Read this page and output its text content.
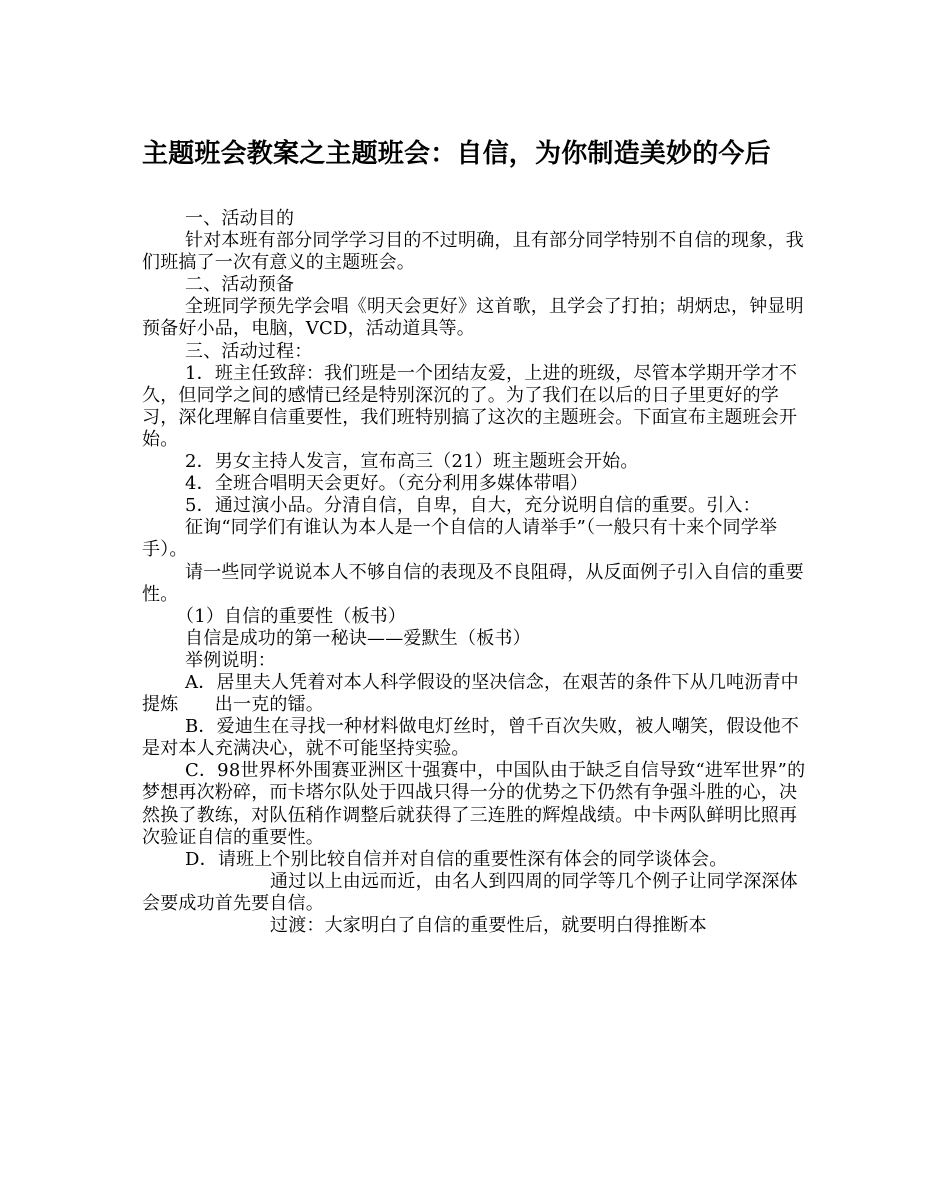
主题班会教案之主题班会：自信，为你制造美妙的今后

一、活动目的

针对本班有部分同学学习目的不过明确，且有部分同学特别不自信的现象，我们班搞了一次有意义的主题班会。

二、活动预备

全班同学预先学会唱《明天会更好》这首歌，且学会了打拍；胡炳忠，钟显明预备好小品，电脑，VCD，活动道具等。

三、活动过程：

1．班主任致辞：我们班是一个团结友爱，上进的班级，尽管本学期开学才不久，但同学之间的感情已经是特别深沉的了。为了我们在以后的日子里更好的学习，深化理解自信重要性，我们班特别搞了这次的主题班会。下面宣布主题班会开始。

2．男女主持人发言，宣布高三（21）班主题班会开始。

4．全班合唱明天会更好。（充分利用多媒体带唱）

5．通过演小品。分清自信，自卑，自大，充分说明自信的重要。引入：

征询“同学们有谁认为本人是一个自信的人请举手”（一般只有十来个同学举手）。

请一些同学说说本人不够自信的表现及不良阻碍，从反面例子引入自信的重要性。

（1）自信的重要性（板书）

自信是成功的第一秘诀——爱默生（板书）

举例说明：

A．居里夫人凭着对本人科学假设的坚决信念，在艰苦的条件下从几吨沥青中提炼　　出一克的镭。

B．爱迪生在寻找一种材料做电灯丝时，曾千百次失败，被人嘲笑，假设他不是对本人充满决心，就不可能坚持实验。

C．98世界杯外围赛亚洲区十强赛中，中国队由于缺乏自信导致“进军世界”的梦想再次粉碎，而卡塔尔队处于四战只得一分的优势之下仍然有争强斗胜的心，决然换了教练，对队伍稍作调整后就获得了三连胜的辉煌战绩。中卡两队鲜明比照再次验证自信的重要性。

D．请班上个别比较自信并对自信的重要性深有体会的同学谈体会。

通过以上由远而近，由名人到四周的同学等几个例子让同学深深体会要成功首先要自信。

过渡：大家明白了自信的重要性后，就要明白得推断本
